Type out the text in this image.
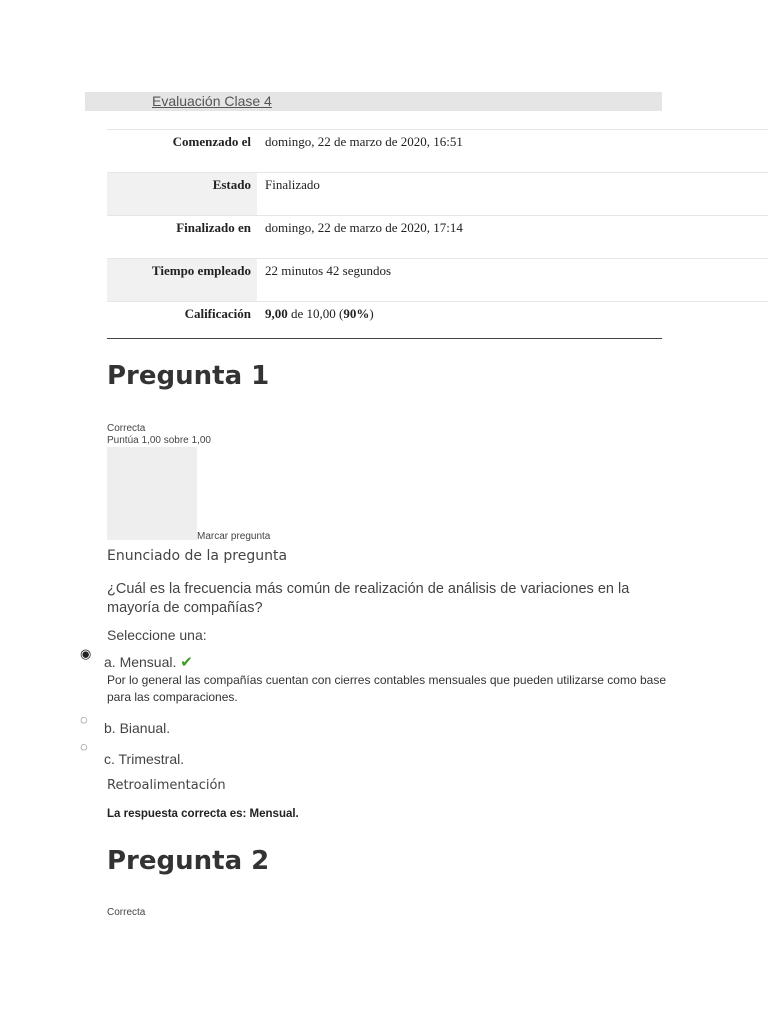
Evaluación Clase 4
Comenzado el	domingo, 22 de marzo de 2020, 16:51
Estado	Finalizado
Finalizado en	domingo, 22 de marzo de 2020, 17:14
Tiempo empleado	22 minutos 42 segundos
Calificación	9,00 de 10,00 (90%)
Pregunta 1
Correcta
Puntúa 1,00 sobre 1,00
Marcar pregunta
Enunciado de la pregunta
¿Cuál es la frecuencia más común de realización de análisis de variaciones en la mayoría de compañías?
Seleccione una:
◉
a. Mensual. ✔
Por lo general las compañías cuentan con cierres contables mensuales que pueden utilizarse como base para las comparaciones.
◌
b. Bianual.
◌
c. Trimestral.
Retroalimentación
La respuesta correcta es: Mensual.
Pregunta 2
Correcta
